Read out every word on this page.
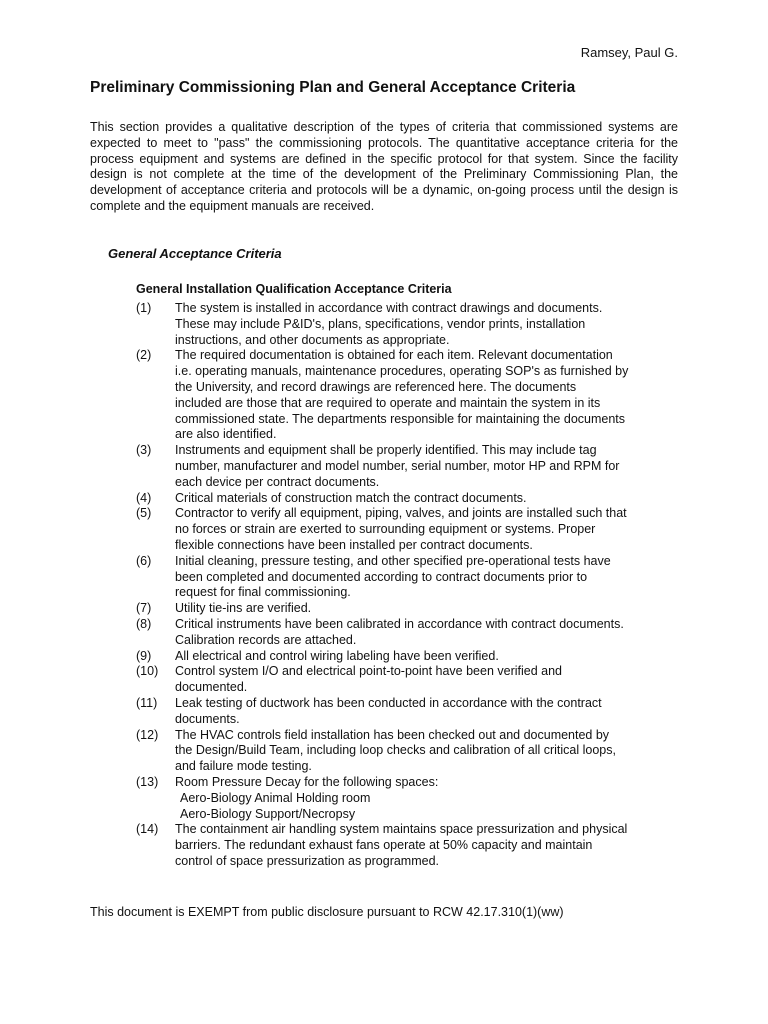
Ramsey, Paul G.
Preliminary Commissioning Plan and General Acceptance Criteria

This section provides a qualitative description of the types of criteria that commissioned systems are expected to meet to "pass" the commissioning protocols. The quantitative acceptance criteria for the process equipment and systems are defined in the specific protocol for that system. Since the facility design is not complete at the time of the development of the Preliminary Commissioning Plan, the development of acceptance criteria and protocols will be a dynamic, on-going process until the design is complete and the equipment manuals are received.

General Acceptance Criteria
General Installation Qualification Acceptance Criteria
(1)	The system is installed in accordance with contract drawings and documents.
These may include P&ID's, plans, specifications, vendor prints, installation
instructions, and other documents as appropriate.
(2)	The required documentation is obtained for each item. Relevant documentation
i.e. operating manuals, maintenance procedures, operating SOP's as furnished by
the University, and record drawings are referenced here. The documents
included are those that are required to operate and maintain the system in its
commissioned state. The departments responsible for maintaining the documents
are also identified.
(3)	Instruments and equipment shall be properly identified. This may include tag
number, manufacturer and model number, serial number, motor HP and RPM for
each device per contract documents.
(4)	Critical materials of construction match the contract documents.
(5)	Contractor to verify all equipment, piping, valves, and joints are installed such that
no forces or strain are exerted to surrounding equipment or systems. Proper
flexible connections have been installed per contract documents.
(6)	Initial cleaning, pressure testing, and other specified pre-operational tests have
been completed and documented according to contract documents prior to
request for final commissioning.
(7)	Utility tie-ins are verified.
(8)	Critical instruments have been calibrated in accordance with contract documents.
Calibration records are attached.
(9)	All electrical and control wiring labeling have been verified.
(10)	Control system I/O and electrical point-to-point have been verified and
documented.
(11)	Leak testing of ductwork has been conducted in accordance with the contract
documents.
(12)	The HVAC controls field installation has been checked out and documented by
the Design/Build Team, including loop checks and calibration of all critical loops,
and failure mode testing.
(13)	Room Pressure Decay for the following spaces:
Aero-Biology Animal Holding room
Aero-Biology Support/Necropsy
(14)	The containment air handling system maintains space pressurization and physical
barriers. The redundant exhaust fans operate at 50% capacity and maintain
control of space pressurization as programmed.

This document is EXEMPT from public disclosure pursuant to RCW 42.17.310(1)(ww)
